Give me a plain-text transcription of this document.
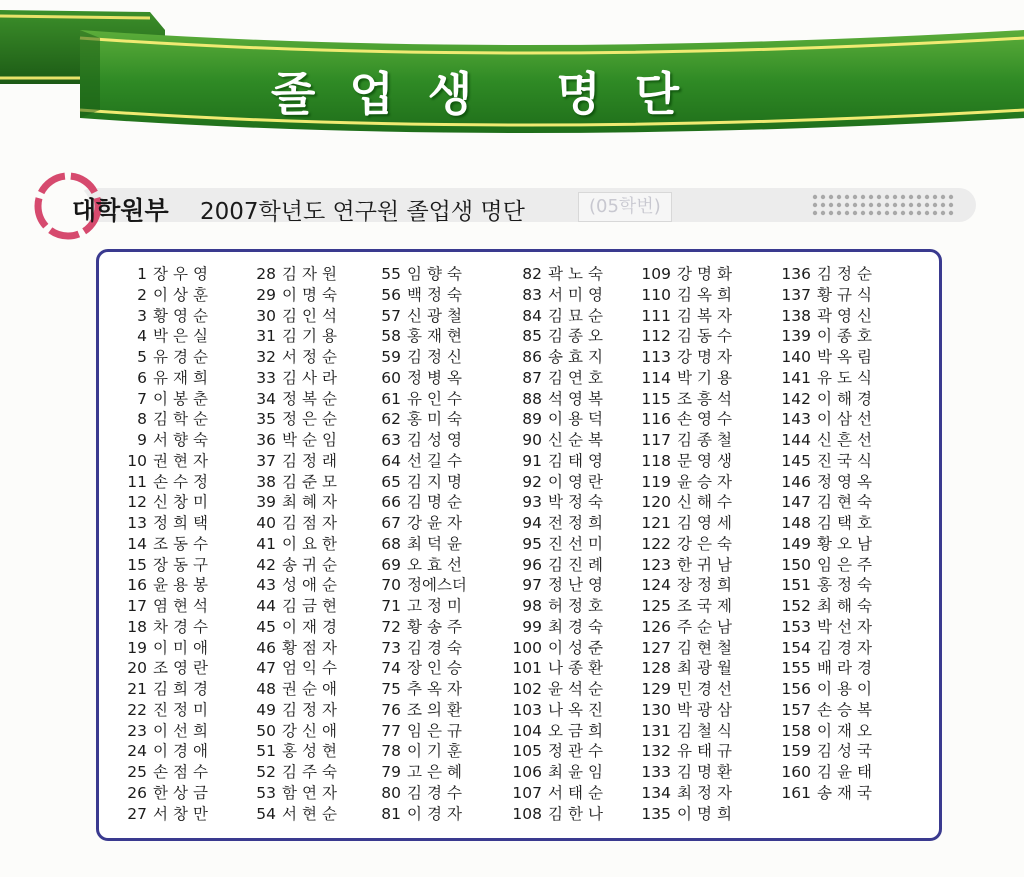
졸업생 명단
대학원부 2007학년도 연구원 졸업생 명단	(05학번)
1 장우영
2 이상훈
3 황영순
4 박은실
5 유경순
6 유재희
7 이봉춘
8 김학순
9 서향숙
10 권현자
11 손수정
12 신창미
13 정희택
14 조동수
15 장동구
16 윤용봉
17 염현석
18 차경수
19 이미애
20 조영란
21 김희경
22 진정미
23 이선희
24 이경애
25 손점수
26 한상금
27 서창만
28 김자원
29 이명숙
30 김인석
31 김기용
32 서정순
33 김사라
34 정복순
35 정은순
36 박순임
37 김정래
38 김준모
39 최혜자
40 김점자
41 이요한
42 송귀순
43 성애순
44 김금현
45 이재경
46 황점자
47 엄익수
48 권순애
49 김정자
50 강신애
51 홍성현
52 김주숙
53 함연자
54 서현순
55 임향숙
56 백정숙
57 신광철
58 홍재현
59 김정신
60 정병옥
61 유인수
62 홍미숙
63 김성영
64 선길수
65 김지명
66 김명순
67 강윤자
68 최덕윤
69 오효선
70 정에스더
71 고정미
72 황송주
73 김경숙
74 장인승
75 추옥자
76 조의환
77 임은규
78 이기훈
79 고은혜
80 김경수
81 이경자
82 곽노숙
83 서미영
84 김묘순
85 김종오
86 송효지
87 김연호
88 석영복
89 이용덕
90 신순복
91 김태영
92 이영란
93 박정숙
94 전정희
95 진선미
96 김진례
97 정난영
98 허정호
99 최경숙
100 이성준
101 나종환
102 윤석순
103 나옥진
104 오금희
105 정관수
106 최윤임
107 서태순
108 김한나
109 강명화
110 김옥희
111 김복자
112 김동수
113 강명자
114 박기용
115 조흥석
116 손영수
117 김종철
118 문영생
119 윤승자
120 신해수
121 김영세
122 강은숙
123 한귀남
124 장정희
125 조국제
126 주순남
127 김현철
128 최광월
129 민경선
130 박광삼
131 김철식
132 유태규
133 김명환
134 최정자
135 이명희
136 김정순
137 황규식
138 곽영신
139 이종호
140 박옥림
141 유도식
142 이해경
143 이삼선
144 신흔선
145 진국식
146 정영옥
147 김현숙
148 김택호
149 황오남
150 임은주
151 홍정숙
152 최해숙
153 박선자
154 김경자
155 배라경
156 이용이
157 손승복
158 이재오
159 김성국
160 김윤태
161 송재국
